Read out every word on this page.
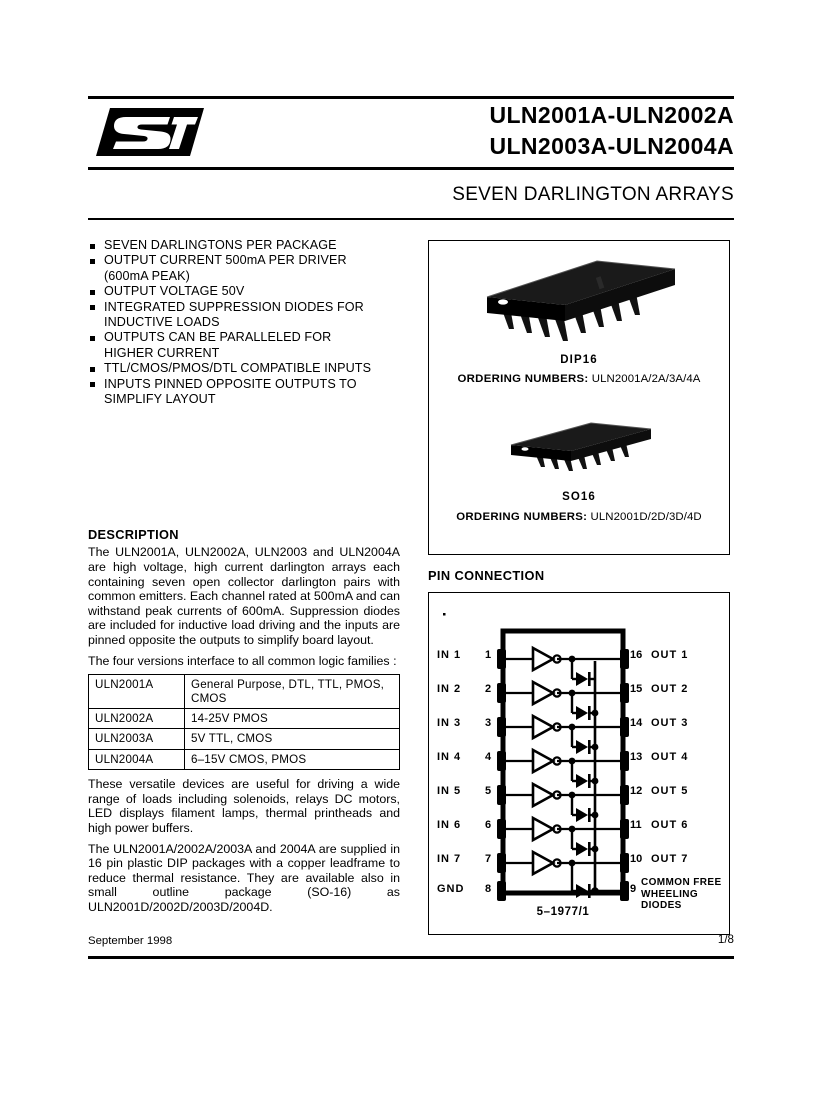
ULN2001A-ULN2002A
ULN2003A-ULN2004A
SEVEN DARLINGTON ARRAYS
SEVEN DARLINGTONS PER PACKAGE
OUTPUT CURRENT 500mA PER DRIVER
(600mA PEAK)
OUTPUT VOLTAGE 50V
INTEGRATED SUPPRESSION DIODES FOR
INDUCTIVE LOADS
OUTPUTS CAN BE PARALLELED FOR
HIGHER CURRENT
TTL/CMOS/PMOS/DTL COMPATIBLE INPUTS
INPUTS PINNED OPPOSITE OUTPUTS TO
SIMPLIFY LAYOUT
DESCRIPTION

The ULN2001A, ULN2002A, ULN2003 and ULN2004A are high voltage, high current darlington arrays each containing seven open collector darlington pairs with common emitters. Each channel rated at 500mA and can withstand peak currents of 600mA. Suppression diodes are included for inductive load driving and the inputs are pinned opposite the outputs to simplify board layout.

The four versions interface to all common logic families :

ULN2001A	General Purpose, DTL, TTL, PMOS, CMOS
ULN2002A	14-25V PMOS
ULN2003A	5V TTL, CMOS
ULN2004A	6–15V CMOS, PMOS

These versatile devices are useful for driving a wide range of loads including solenoids, relays DC motors, LED displays filament lamps, thermal printheads and high power buffers.

The ULN2001A/2002A/2003A and 2004A are supplied in 16 pin plastic DIP packages with a copper leadframe to reduce thermal resistance. They are available also in small outline package (SO-16) as ULN2001D/2002D/2003D/2004D.

DIP16
ORDERING NUMBERS: ULN2001A/2A/3A/4A
SO16
ORDERING NUMBERS: ULN2001D/2D/3D/4D
PIN CONNECTION
5–1977/1
IN 1
IN 2
IN 3
IN 4
IN 5
IN 6
IN 7
GND
1
2
3
4
5
6
7
8
16
15
14
13
12
11
10
9
OUT 1
OUT 2
OUT 3
OUT 4
OUT 5
OUT 6
OUT 7
COMMON FREE
WHEELING DIODES
September 1998	1/8
